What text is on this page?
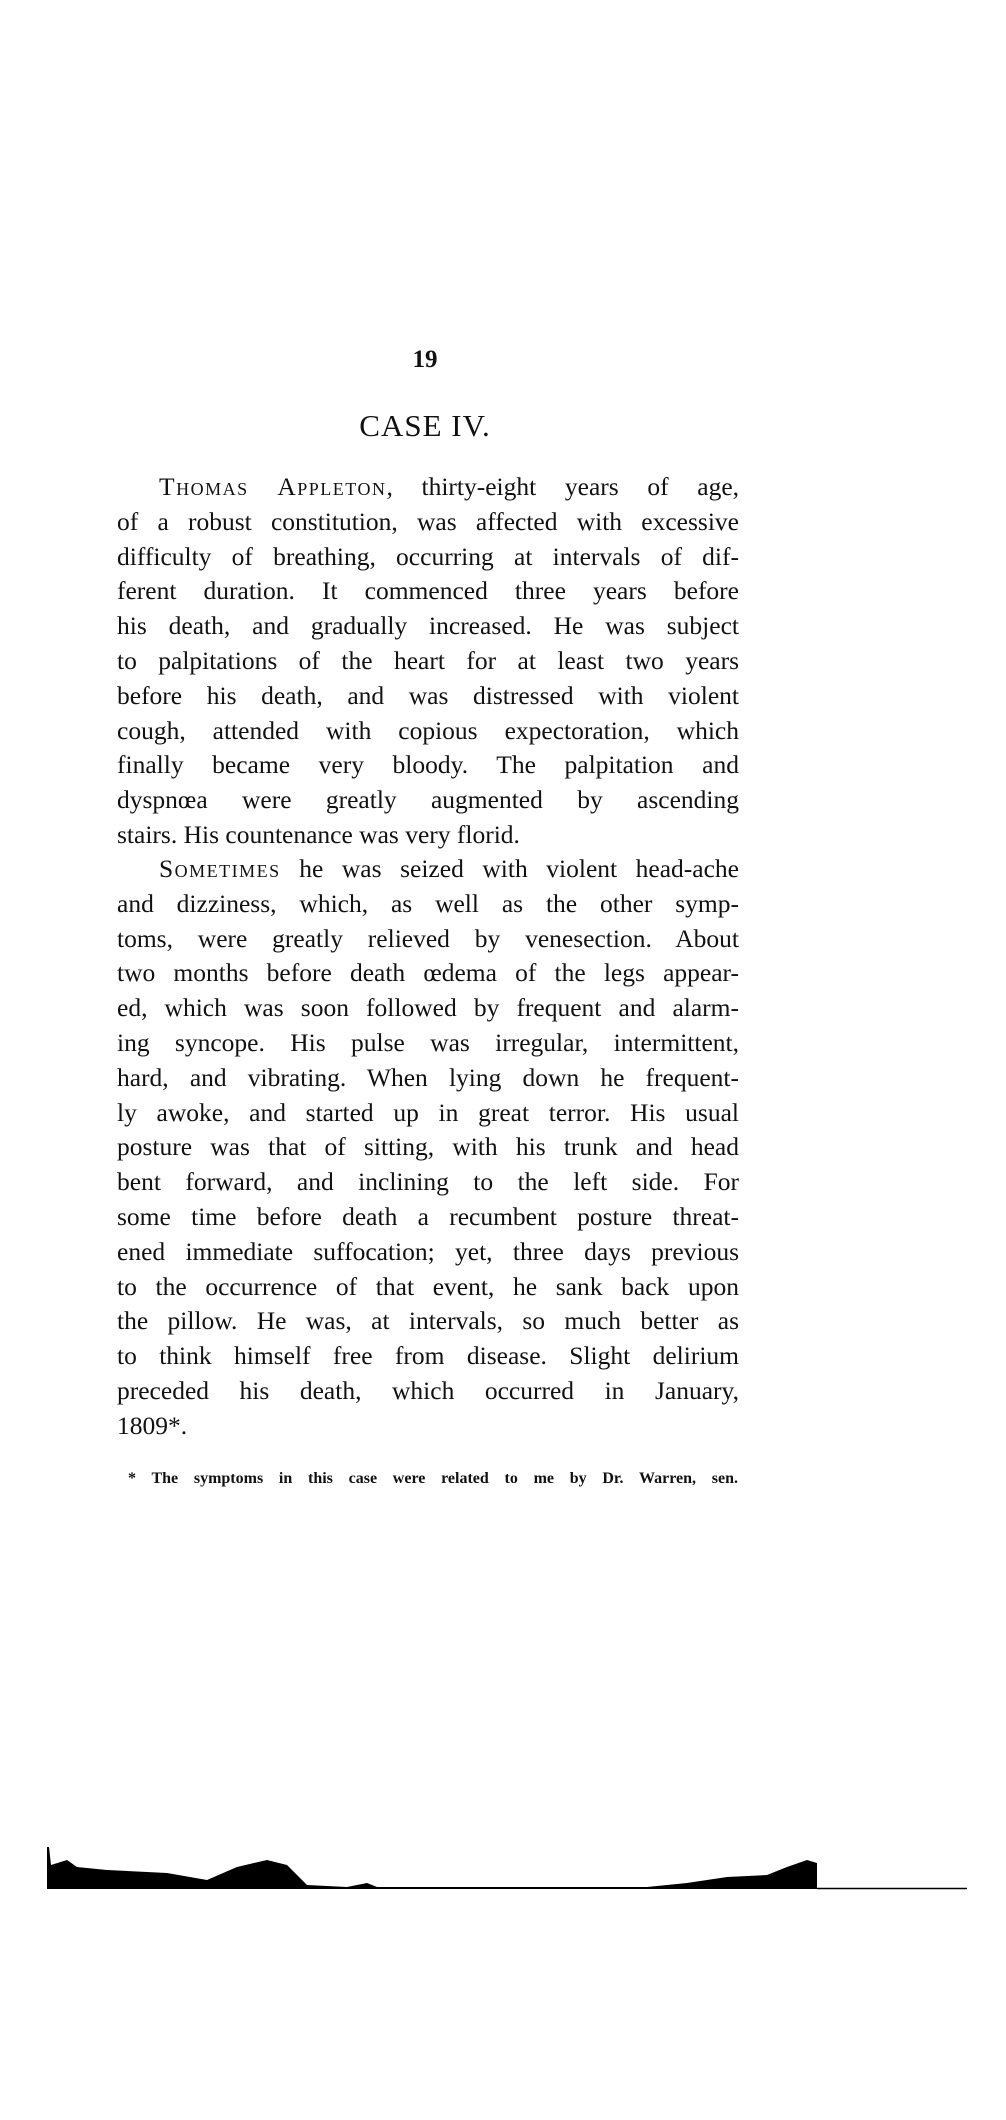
19
CASE IV.
Thomas Appleton, thirty-eight years of age,
of a robust constitution, was affected with excessive
difficulty of breathing, occurring at intervals of dif-
ferent duration. It commenced three years before
his death, and gradually increased. He was subject
to palpitations of the heart for at least two years
before his death, and was distressed with violent
cough, attended with copious expectoration, which
finally became very bloody. The palpitation and
dyspnœa were greatly augmented by ascending
stairs. His countenance was very florid.
Sometimes he was seized with violent head-ache
and dizziness, which, as well as the other symp-
toms, were greatly relieved by venesection. About
two months before death œdema of the legs appear-
ed, which was soon followed by frequent and alarm-
ing syncope. His pulse was irregular, intermittent,
hard, and vibrating. When lying down he frequent-
ly awoke, and started up in great terror. His usual
posture was that of sitting, with his trunk and head
bent forward, and inclining to the left side. For
some time before death a recumbent posture threat-
ened immediate suffocation; yet, three days previous
to the occurrence of that event, he sank back upon
the pillow. He was, at intervals, so much better as
to think himself free from disease. Slight delirium
preceded his death, which occurred in January,
1809*.
* The symptoms in this case were related to me by Dr. Warren, sen.
